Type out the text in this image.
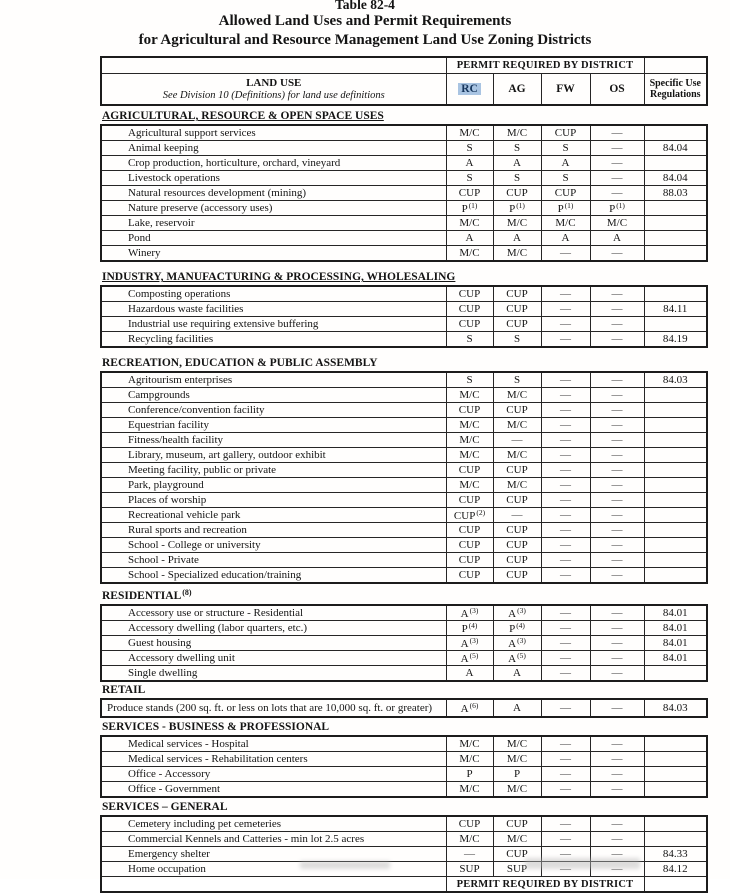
Table 82-4
Allowed Land Uses and Permit Requirements
for Agricultural and Resource Management Land Use Zoning Districts
	PERMIT REQUIRED BY DISTRICT				

LAND USE
See Division 10 (Definitions) for land use definitions	RC	AG	FW	OS	Specific Use
Regulations
AGRICULTURAL, RESOURCE & OPEN SPACE USES
Agricultural support services	M/C	M/C	CUP	—	
Animal keeping	S	S	S	—	84.04
Crop production, horticulture, orchard, vineyard	A	A	A	—	
Livestock operations	S	S	S	—	84.04
Natural resources development (mining)	CUP	CUP	CUP	—	88.03
Nature preserve (accessory uses)	$P^{(1)}$	$P^{(1)}$	$P^{(1)}$	$P^{(1)}$	
Lake, reservoir	M/C	M/C	M/C	M/C	
Pond	A	A	A	A	
Winery	M/C	M/C	—	—	
INDUSTRY, MANUFACTURING & PROCESSING, WHOLESALING
Composting operations	CUP	CUP	—	—	
Hazardous waste facilities	CUP	CUP	—	—	84.11
Industrial use requiring extensive buffering	CUP	CUP	—	—	
Recycling facilities	S	S	—	—	84.19
RECREATION, EDUCATION & PUBLIC ASSEMBLY
Agritourism enterprises	S	S	—	—	84.03
Campgrounds	M/C	M/C	—	—	
Conference/convention facility	CUP	CUP	—	—	
Equestrian facility	M/C	M/C	—	—	
Fitness/health facility	M/C	—	—	—	
Library, museum, art gallery, outdoor exhibit	M/C	M/C	—	—	
Meeting facility, public or private	CUP	CUP	—	—	
Park, playground	M/C	M/C	—	—	
Places of worship	CUP	CUP	—	—	
Recreational vehicle park	CUP$^{(2)}$	—	—	—	
Rural sports and recreation	CUP	CUP	—	—	
School - College or university	CUP	CUP	—	—	
School - Private	CUP	CUP	—	—	
School - Specialized education/training	CUP	CUP	—	—	
RESIDENTIAL$^{(8)}$
Accessory use or structure - Residential	$A^{(3)}$	$A^{(3)}$	—	—	84.01
Accessory dwelling (labor quarters, etc.)	$P^{(4)}$	$P^{(4)}$	—	—	84.01
Guest housing	$A^{(3)}$	$A^{(3)}$	—	—	84.01
Accessory dwelling unit	$A^{(5)}$	$A^{(5)}$	—	—	84.01
Single dwelling	A	A	—	—	
RETAIL
Produce stands (200 sq. ft. or less on lots that are 10,000 sq. ft. or greater)	$A^{(6)}$	A	—	—	84.03
SERVICES - BUSINESS & PROFESSIONAL
Medical services - Hospital	M/C	M/C	—	—	
Medical services - Rehabilitation centers	M/C	M/C	—	—	
Office - Accessory	P	P	—	—	
Office - Government	M/C	M/C	—	—	
SERVICES – GENERAL
Cemetery including pet cemeteries	CUP	CUP	—	—	
Commercial Kennels and Catteries - min lot 2.5 acres	M/C	M/C	—	—	
Emergency shelter	—	CUP	—	—	84.33
Home occupation	SUP	SUP	—	—	84.12
	PERMIT REQUIRED BY DISTRICT				
